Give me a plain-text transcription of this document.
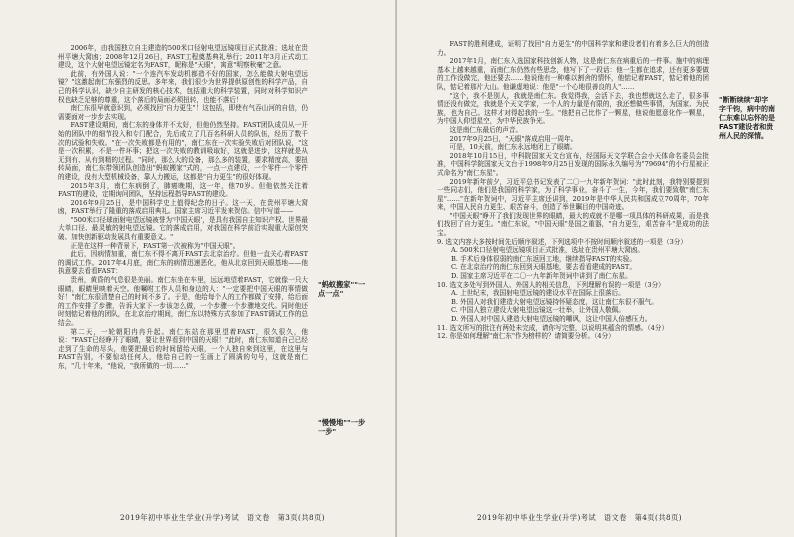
2006年，由我国独立自主建造的500米口径射电望远镜项目正式批准；选址在贵州平塘大窝凼；2008年12月26日，FAST工程奠基典礼举行；2011年3月正式动工建设，这个大射电望远镜定名为FAST，昵称是"天眼"，寓意"明察秋毫"之意。

此前，有外国人说："一个连汽车发动机都造不好的国家，怎么能做大射电望远镜？"这激起南仁东强烈的反思。多年来，我们很少为世界提供原创性的科学产品，自己的科学认识，缺少自主研发的核心技术，包括重大的科学装置，同时对科学知识产权也缺乏足够的尊重，这个落后的局面必须扭转，也能不落后！

南仁东很早就意识到，必须找回"自力更生"！这包括，即使有气吞山河的自信，仍需要面对一步步去实现。

FAST建设期间，南仁东的身体并不太好，但他仍然坚持。FAST团队成员从一开始的团队中的细节投入和专门配合，先后成立了几百名科研人员的队伍，经历了数千次的试验和失败。"在一次失败都是有用的"，南仁东在一次实验失败后对团队说，"这是一次积累，不是一件坏事；把这一次失败的教训吸取好，这就是进步，这样就是从无到有、从有到精的过程。"同时，那么大的设备，那么多的装置，要求精度高，要扭转局面，南仁东带领团队创造出"蚂蚁搬家"式的，一点一点建设，一个零件一个零件的建设，没有大型机械设备，靠人力搬运，这都是"自力更生"的很好体现。

2015年3月，南仁东病倒了，肺癌晚期，这一年，他70岁。但他依然关注着FAST的建设，定期询问团队，坚持远程指导FAST的建设。

2016年9月25日，是中国科学史上值得纪念的日子。这一天，在贵州平塘大窝凼，FAST举行了隆重的落成启用典礼。国家主席习近平发来贺信。信中写道——

"500米口径球面射电望远镜被誉为'中国天眼'，是具有我国自主知识产权、世界最大单口径、最灵敏的射电望远镜。它的落成启用，对我国在科学前沿实现重大原创突破、加快创新驱动发展具有重要意义。"

正是在这样一种背景下，FAST第一次被称为"中国天眼"。

此后，因病情加重，南仁东不得不离开FAST去北京治疗。但他一直关心着FAST的调试工作。2017年4月底，南仁东的病情迅速恶化，他从北京回到天眼基地——他执意要去看看FAST：

贵州，黄昏的气息很是美丽。南仁东坐在车里，远远地望着FAST，它就像一只大眼睛，眼睛里映着天空。他嘱咐工作人员和身边的人："一定要把中国天眼的事情做好！"南仁东很清楚自己的时间不多了。于是，他给每个人的工作都做了安排，给后面的工作安排了步骤，告诉大家下一步该怎么做，一个步骤一个步骤地交代。同时他还时刻惦记着他的团队，在北京治疗期间，南仁东以特殊方式参加了FAST调试工作的总结会。

第二天，一轮朝阳冉冉升起。南仁东站在那里望着FAST，很久很久，他说："FAST已经睁开了眼睛，要让世界看到中国的天眼！"此时，南仁东知道自己已经走到了生命的尽头，他要把最后的时间留给天眼，一个人独自来到这里，在这里与FAST告别，不要惊动任何人，他给自己的一生画上了圆满的句号，这就是南仁东，"几十年来，"他说，"我所做的一切……"

"蚂蚁搬家""一点一点"
"慢慢地""一步一步"
2019年初中毕业生学业(升学)考试　语文卷　第3页(共8页)

FAST的胜利建成，证明了找回"自力更生"的中国科学家和建设者们有着多么巨大的创造力。

2017年1月，南仁东入选国家科技创新人物，这是南仁东在病重后的一件事。施中的病理基本上越来越重，而南仁东仍然有些思念，他写下了一段话：他一生都在追求，还有更多要做的工作没做完，他还要去……他说他有一种难以割舍的情怀，他惦记着FAST，惦记着他的团队，惦记着那片大山。他谦虚地说：他是"一个心地很善良的人"……

"这个，我不是别人，我就是南仁东。我觉得我，会活下去，我也想就这么走了，很多事情还没有做完，我就是个天文学家，一个人的力量是有限的，我还想做些事情，为国家、为民族，也为自己。这样才对得起我的一生。"他把自己比作了一颗星，他说他愿意化作一颗星，为中国人仰望星空，为中华民族争光。

这是南仁东最后的声音。

2017年9月25日，"天眼"落成启用一周年。

可是，10天前，南仁东永远地闭上了眼睛。

2018年10月15日，中科院国家天文台宣布，经国际天文学联合会小天体命名委员会批准，中国科学院国家天文台于1998年9月25日发现的国际永久编号为"79694"的小行星被正式命名为"南仁东星"。

2019年新年前夕，习近平总书记发表了二〇一九年新年贺词："此时此刻，我特别要提到一些同志们，他们是我国的科学家，为了科学事业，奋斗了一生，今年，我们要致敬"南仁东星"……"在新年贺词中，习近平主席还讲到，2019年是中华人民共和国成立70周年，70年来，中国人民自力更生、艰苦奋斗，创造了举世瞩目的中国奇迹。

"中国天眼"睁开了我们发现世界的眼睛，最大的成就不是哪一项具体的科研成果，而是我们找回了自力更生。"南仁东说，"中国天眼"是国之重器，"自力更生，艰苦奋斗"是成功的法宝。

9. 选文内容大多按时间先后顺序叙述，下列选项中不按时间顺序叙述的一项是（3分）

A. 500米口径射电望远镜项目正式批准，选址在贵州平塘大窝凼。

B. 手术后身体很弱的南仁东返回工地，继续指导FAST的实验。

C. 在北京治疗的南仁东回到天眼基地，要去看看建成的FAST。

D. 国家主席习近平在二〇一九年新年贺词中讲到了南仁东星。

10. 选文多处写到外国人、外国人的相关信息，下列理解有误的一项是（3分）

A. 上世纪末，我国射电望远镜的建设水平在国际上很落后。

B. 外国人对我们建造大射电望远镜持怀疑态度，这让南仁东很不服气。

C. 中国人独立建设大射电望远镜这一壮举，让外国人敬佩。

D. 外国人对中国人建造大射电望远镜的嘲讽，这让中国人倍感压力。

11. 选文所写的批注有两处未完成，请你写完整，以说明其蕴含的情感。（4分）

12. 你是如何理解"南仁东"作为榜样的？请简要分析。（4分）

"断断续续"却字字千钧，病中的南仁东难以忘怀的是FAST建设者和贵州人民的深情。
2019年初中毕业生学业(升学)考试　语文卷　第4页(共8页)
